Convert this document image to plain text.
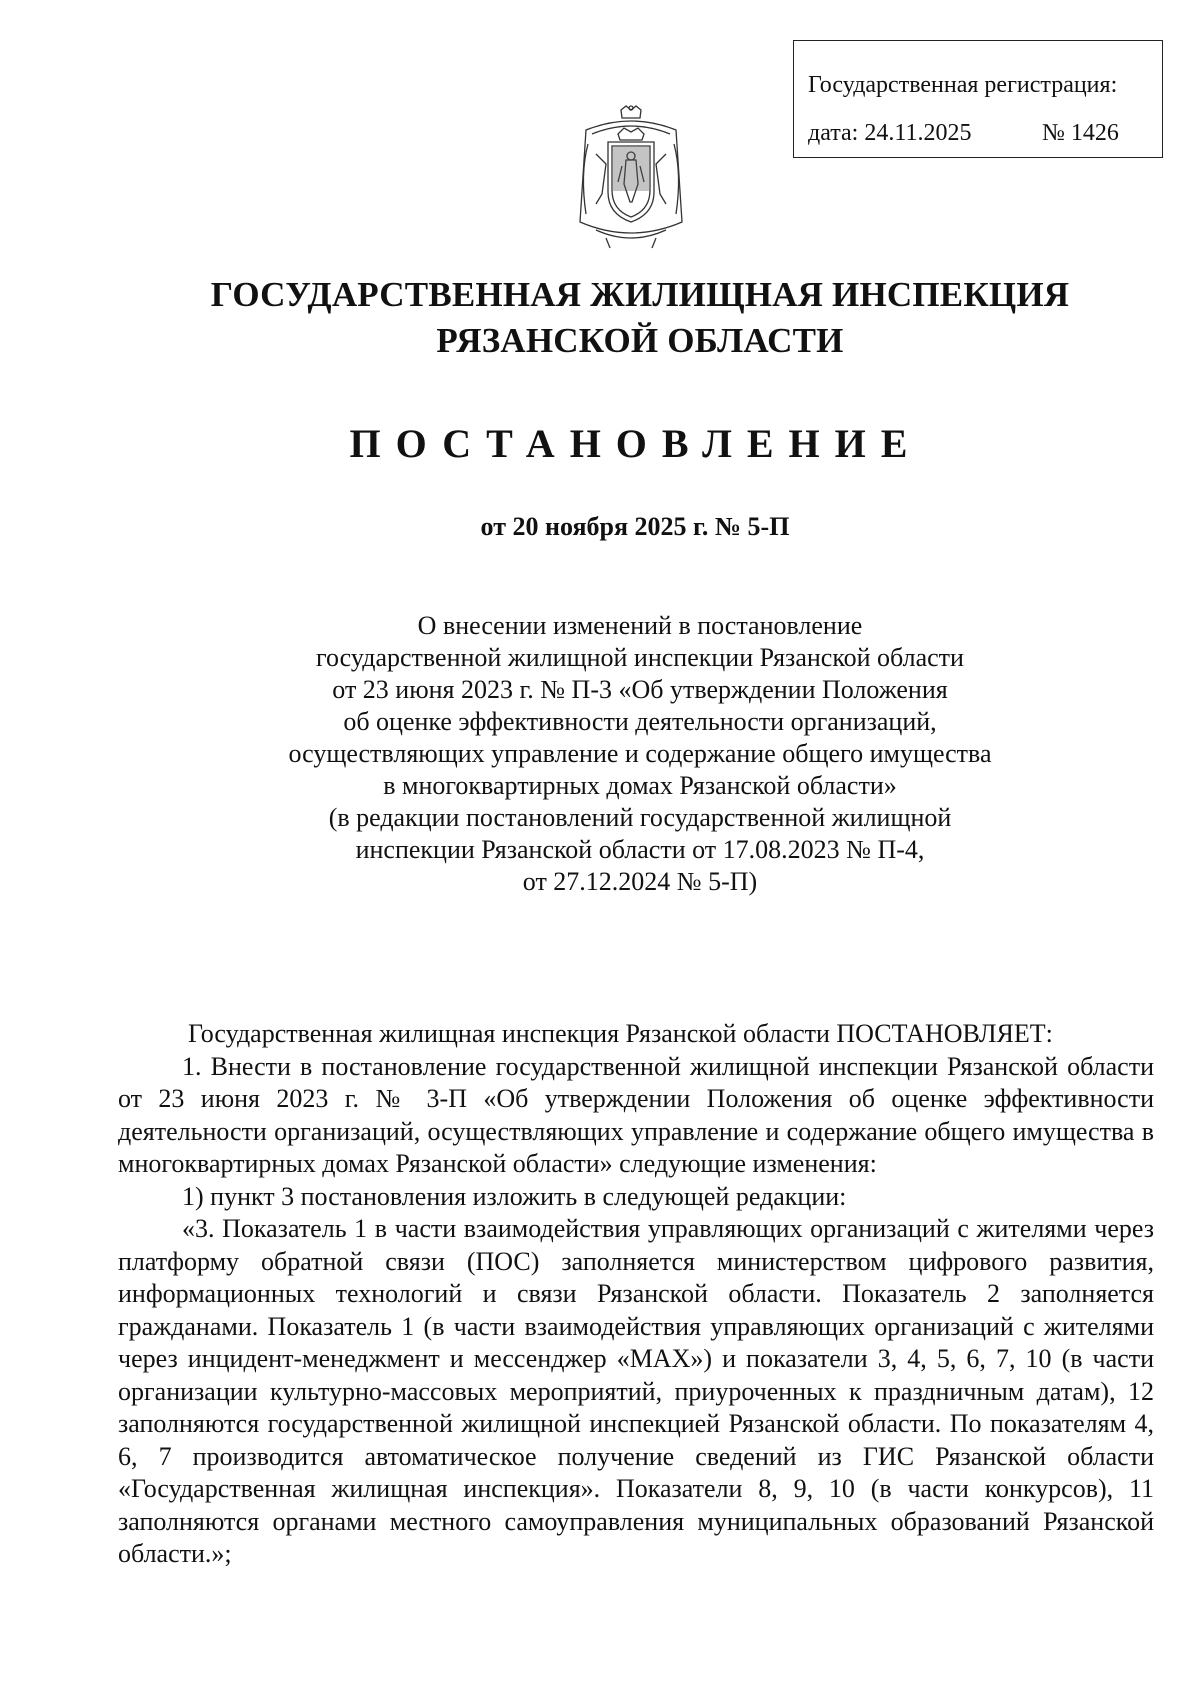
Государственная регистрация:
дата: 24.11.2025	№ 1426
ГОСУДАРСТВЕННАЯ ЖИЛИЩНАЯ ИНСПЕКЦИЯ
РЯЗАНСКОЙ ОБЛАСТИ
ПОСТАНОВЛЕНИЕ
от 20 ноября 2025 г. № 5-П
О внесении изменений в постановление
государственной жилищной инспекции Рязанской области
от 23 июня 2023 г. № П-3 «Об утверждении Положения
об оценке эффективности деятельности организаций,
осуществляющих управление и содержание общего имущества
в многоквартирных домах Рязанской области»
(в редакции постановлений государственной жилищной
инспекции Рязанской области от 17.08.2023 № П-4,
от 27.12.2024 № 5-П)

Государственная жилищная инспекция Рязанской области ПОСТАНОВЛЯЕТ:

1. Внести в постановление государственной жилищной инспекции Рязанской области от 23 июня 2023 г. № 3-П «Об утверждении Положения об оценке эффективности деятельности организаций, осуществляющих управление и содержание общего имущества в многоквартирных домах Рязанской области» следующие изменения:

1) пункт 3 постановления изложить в следующей редакции:

«3. Показатель 1 в части взаимодействия управляющих организаций с жителями через платформу обратной связи (ПОС) заполняется министерством цифрового развития, информационных технологий и связи Рязанской области. Показатель 2 заполняется гражданами. Показатель 1 (в части взаимодействия управляющих организаций с жителями через инцидент-менеджмент и мессенджер «MAX») и показатели 3, 4, 5, 6, 7, 10 (в части организации культурно-массовых мероприятий, приуроченных к праздничным датам), 12 заполняются государственной жилищной инспекцией Рязанской области. По показателям 4, 6, 7 производится автоматическое получение сведений из ГИС Рязанской области «Государственная жилищная инспекция». Показатели 8, 9, 10 (в части конкурсов), 11 заполняются органами местного самоуправления муниципальных образований Рязанской области.»;
